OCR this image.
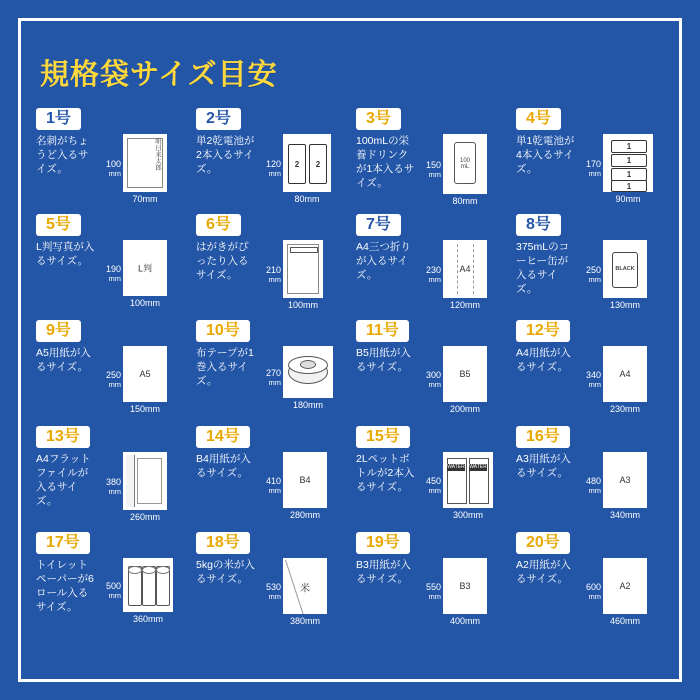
規格袋サイズ目安
1号
名刺がちょうど入るサイズ。	100
mm
明日来太郎
70mm
2号
単2乾電池が2本入るサイズ。	120
mm
2	2
80mm
3号
100mLの栄養ドリンクが1本入るサイズ。
150
mm
100
mL
80mm
4号
単1乾電池が4本入るサイズ。	170
mm
1
1
1
1
90mm
5号
L判写真が入るサイズ。
190
mm
L判
100mm
6号
はがきがぴったり入るサイズ。	210
mm
100mm
7号
A4三つ折りが入るサイズ。	230
mm
A4
120mm
8号
375mLのコーヒー缶が入るサイズ。
250
mm
BLACK
130mm
9号
A5用紙が入るサイズ。
250
mm
A5
150mm
10号
布テープが1巻入るサイズ。
270
mm
180mm
11号
B5用紙が入るサイズ。
300
mm
B5
200mm
12号
A4用紙が入るサイズ。
340
mm
A4
230mm
13号
A4フラットファイルが入るサイズ。
380
mm
260mm
14号
B4用紙が入るサイズ。
410
mm
B4
280mm
15号
2Lペットボトルが2本入るサイズ。	450
mm
WATER WATER
300mm
16号
A3用紙が入るサイズ。
480
mm
A3
340mm
17号
トイレットペーパーが6ロール入るサイズ。
500
mm
360mm
18号
5kgの米が入るサイズ。
530
mm
米
380mm
19号
B3用紙が入るサイズ。
550
mm
B3
400mm
20号
A2用紙が入るサイズ。
600
mm
A2
460mm
